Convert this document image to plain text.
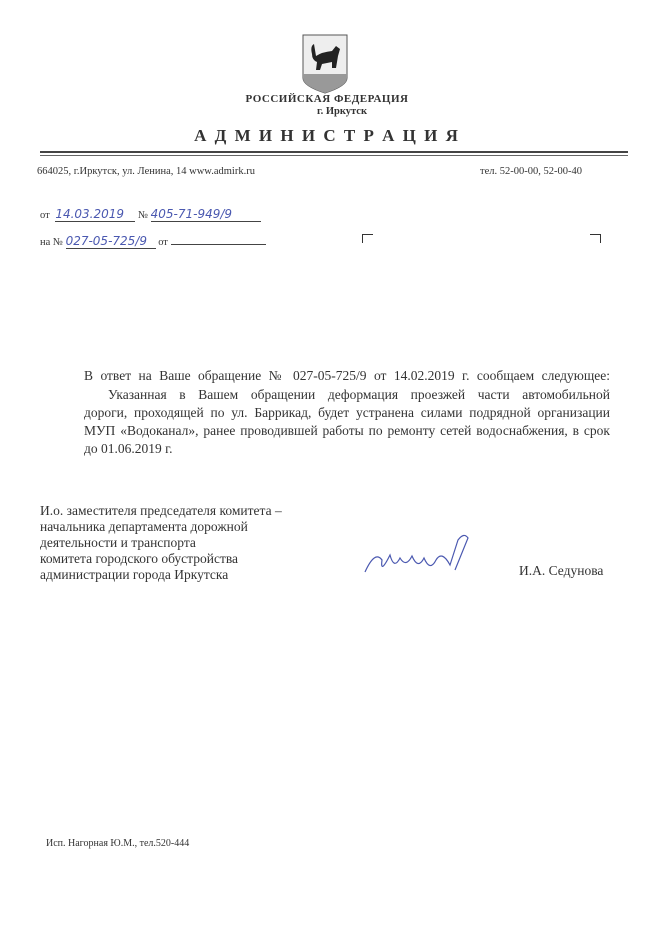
РОССИЙСКАЯ ФЕДЕРАЦИЯ
г. Иркутск
А Д М И Н И С Т Р А Ц И Я
664025, г.Иркутск, ул. Ленина, 14 www.admirk.ru	тел. 52-00-00, 52-00-40
от 14.03.2019 № 405-71-949/9
на № 027-05-725/9 от
В ответ на Ваше обращение № 027-05-725/9 от 14.02.2019 г. сообщаем следующее:
Указанная в Вашем обращении деформация проезжей части автомобильной
дороги, проходящей по ул. Баррикад, будет устранена силами подрядной организации
МУП «Водоканал», ранее проводившей работы по ремонту сетей водоснабжения, в срок
до 01.06.2019 г.
И.о. заместителя председателя комитета –
начальника департамента дорожной
деятельности и транспорта
комитета городского обустройства
администрации города Иркутска	И.А. Седунова
Исп. Нагорная Ю.М., тел.520-444
